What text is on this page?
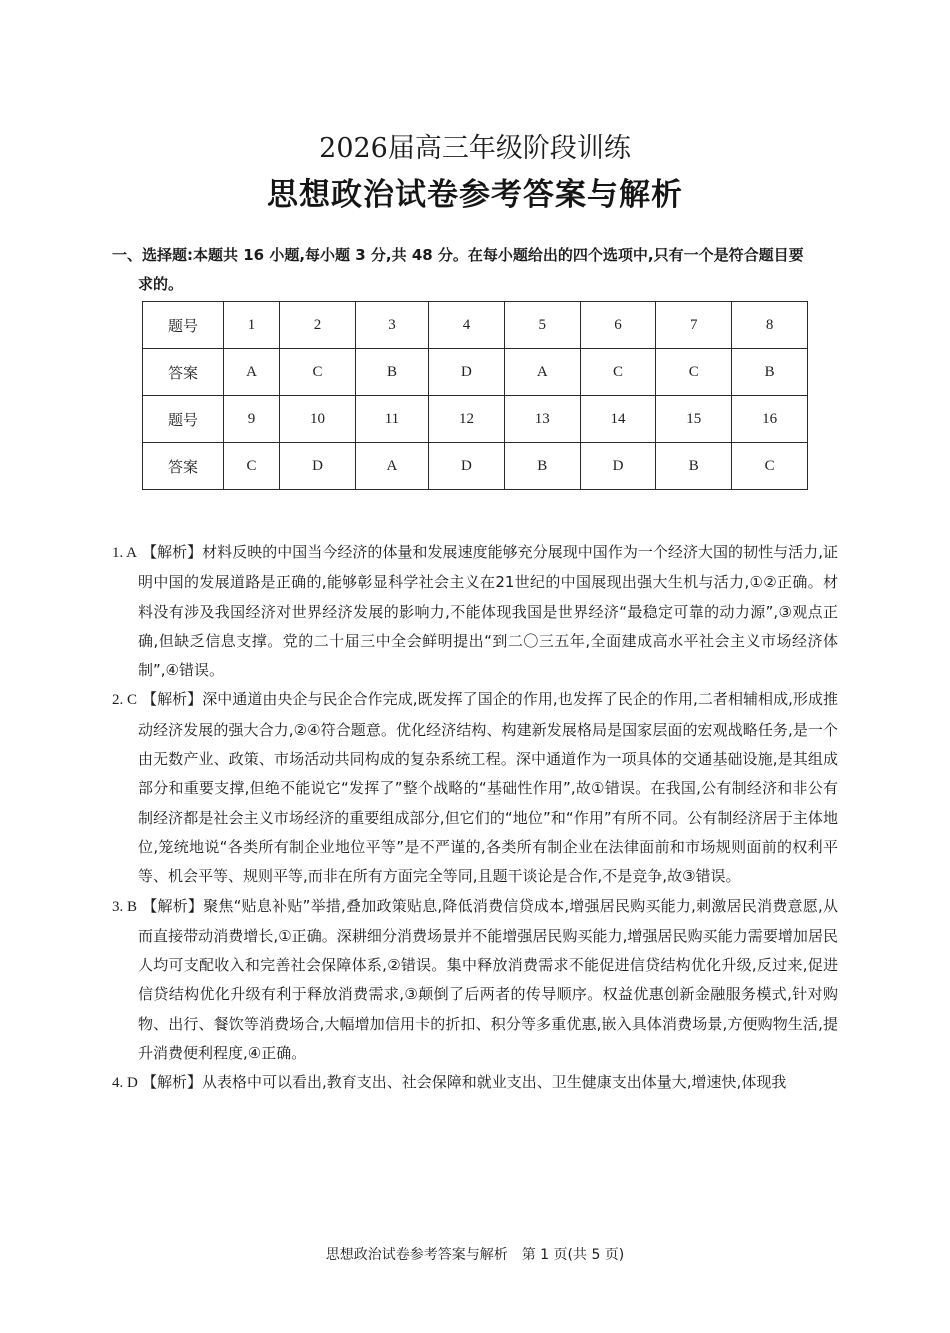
2026届高三年级阶段训练
思想政治试卷参考答案与解析
一、选择题:本题共 16 小题,每小题 3 分,共 48 分。在每小题给出的四个选项中,只有一个是符合题目要
求的。
题号	1	2	3	4	5	6	7	8
答案	A	C	B	D	A	C	C	B
题号	9	10	11	12	13	14	15	16
答案	C	D	A	D	B	D	B	C

1. A 【解析】材料反映的中国当今经济的体量和发展速度能够充分展现中国作为一个经济大国的韧性与活力,证明中国的发展道路是正确的,能够彰显科学社会主义在21世纪的中国展现出强大生机与活力,①②正确。材料没有涉及我国经济对世界经济发展的影响力,不能体现我国是世界经济“最稳定可靠的动力源”,③观点正确,但缺乏信息支撑。党的二十届三中全会鲜明提出“到二〇三五年,全面建成高水平社会主义市场经济体制”,④错误。

2. C 【解析】深中通道由央企与民企合作完成,既发挥了国企的作用,也发挥了民企的作用,二者相辅相成,形成推动经济发展的强大合力,②④符合题意。优化经济结构、构建新发展格局是国家层面的宏观战略任务,是一个由无数产业、政策、市场活动共同构成的复杂系统工程。深中通道作为一项具体的交通基础设施,是其组成部分和重要支撑,但绝不能说它“发挥了”整个战略的“基础性作用”,故①错误。在我国,公有制经济和非公有制经济都是社会主义市场经济的重要组成部分,但它们的“地位”和“作用”有所不同。公有制经济居于主体地位,笼统地说“各类所有制企业地位平等”是不严谨的,各类所有制企业在法律面前和市场规则面前的权利平等、机会平等、规则平等,而非在所有方面完全等同,且题干谈论是合作,不是竞争,故③错误。

3. B 【解析】聚焦“贴息补贴”举措,叠加政策贴息,降低消费信贷成本,增强居民购买能力,刺激居民消费意愿,从而直接带动消费增长,①正确。深耕细分消费场景并不能增强居民购买能力,增强居民购买能力需要增加居民人均可支配收入和完善社会保障体系,②错误。集中释放消费需求不能促进信贷结构优化升级,反过来,促进信贷结构优化升级有利于释放消费需求,③颠倒了后两者的传导顺序。权益优惠创新金融服务模式,针对购物、出行、餐饮等消费场合,大幅增加信用卡的折扣、积分等多重优惠,嵌入具体消费场景,方便购物生活,提升消费便利程度,④正确。

4. D 【解析】从表格中可以看出,教育支出、社会保障和就业支出、卫生健康支出体量大,增速快,体现我

思想政治试卷参考答案与解析 第 1 页(共 5 页)
